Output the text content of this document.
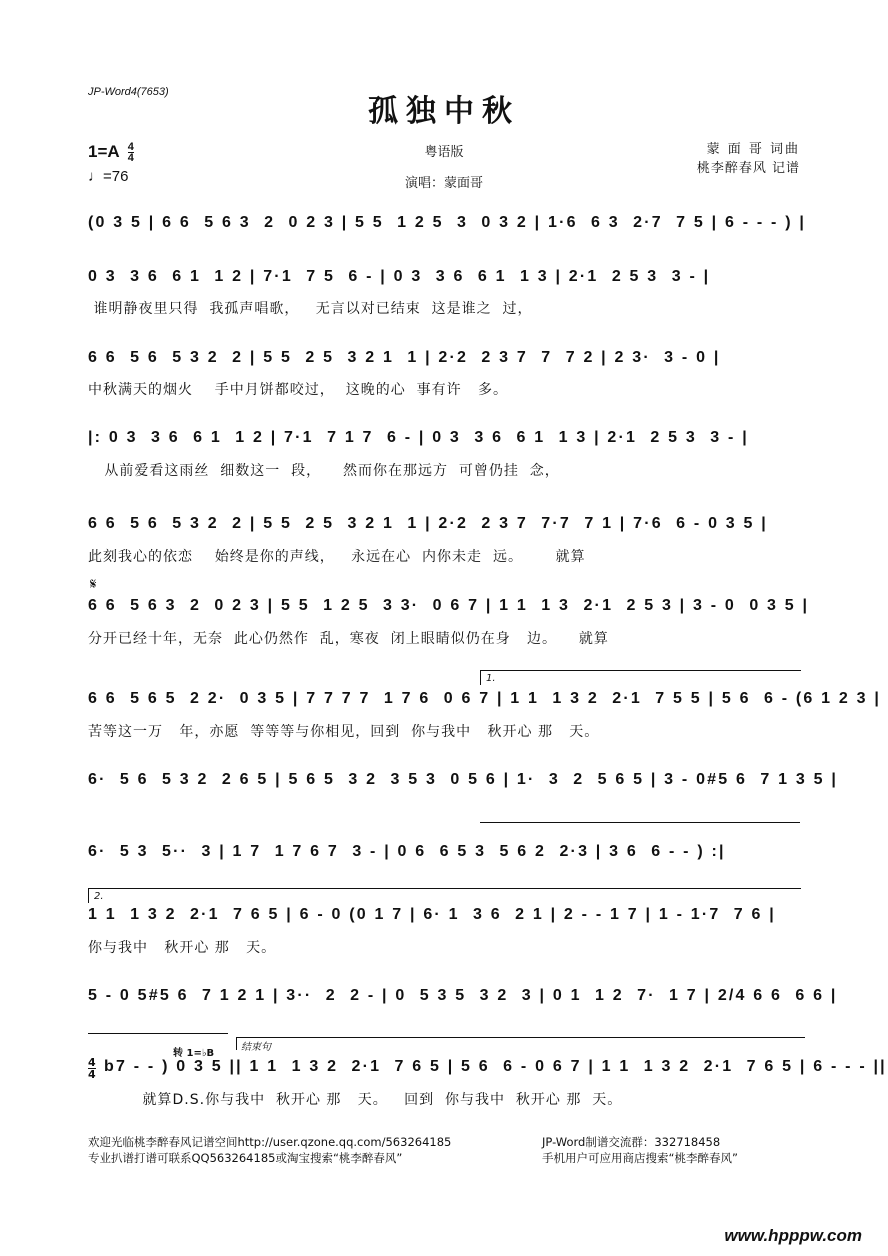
JP-Word4(7653)
孤独中秋
$1=A \frac{4}{4}$
♩=76
粤语版
演唱：蒙面哥
蒙 面 哥 词曲
桃李醉春风 记谱
(0 3 5 | 6 6  5 6 3  2  0 2 3 | 5 5  1 2 5  3  0 3 2 | 1·6  6 3  2·7  7 5 | 6 - - - ) |
0 3  3 6  6 1  1 2 | 7·1  7 5  6 - | 0 3  3 6  6 1  1 3 | 2·1  2 5 3  3 - |
谁明静夜里只得  我孤声唱歌，   无言以对已结束  这是谁之  过，
6 6  5 6  5 3 2  2 | 5 5  2 5  3 2 1  1 | 2·2  2 3 7  7  7 2 | 2 3·  3 - 0 |
中秋满天的烟火    手中月饼都咬过，  这晚的心  事有许   多。
|: 0 3  3 6  6 1  1 2 | 7·1  7 1 7  6 - | 0 3  3 6  6 1  1 3 | 2·1  2 5 3  3 - |
从前爱看这雨丝  细数这一  段，    然而你在那远方  可曾仍挂  念，
6 6  5 6  5 3 2  2 | 5 5  2 5  3 2 1  1 | 2·2  2 3 7  7·7  7 1 | 7·6  6 - 0 3 5 |
此刻我心的依恋    始终是你的声线，   永远在心  内你未走  远。      就算
𝄋
6 6  5 6 3  2  0 2 3 | 5 5  1 2 5  3 3·  0 6 7 | 1 1  1 3  2·1  2 5 3 | 3 - 0  0 3 5 |
分开已经十年，无奈  此心仍然作  乱，寒夜  闭上眼睛似仍在身   边。    就算
1.
6 6  5 6 5  2 2·  0 3 5 | 7 7 7 7  1 7 6  0 6 7 | 1 1  1 3 2  2·1  7 5 5 | 5 6  6 - (6 1 2 3 |
苦等这一万   年，亦愿  等等等与你相见，回到  你与我中   秋开心 那   天。
6·  5 6  5 3 2  2 6 5 | 5 6 5  3 2  3 5 3  0 5 6 | 1·  3  2  5 6 5 | 3 - 0#5 6  7 1 3 5 |
6·  5 3  5··  3 | 1 7  1 7 6 7  3 - | 0 6  6 5 3  5 6 2  2·3 | 3 6  6 - - ) :|
2.
1 1  1 3 2  2·1  7 6 5 | 6 - 0 (0 1 7 | 6· 1  3 6  2 1 | 2 - - 1 7 | 1 - 1·7  7 6 |
你与我中   秋开心 那   天。
5 - 0 5#5 6  7 1 2 1 | 3··  2  2 - | 0  5 3 5  3 2  3 | 0 1  1 2  7·  1 7 | 2/4 6 6  6 6 |
转 1=♭B
结束句
4
4 b7 - - ) 0 3 5 || 1 1  1 3 2  2·1  7 6 5 | 5 6  6 - 0 6 7 | 1 1  1 3 2  2·1  7 6 5 | 6 - - - ||
就算D.S.你与我中  秋开心 那   天。   回到  你与我中  秋开心 那  天。
欢迎光临桃李醉春风记谱空间http://user.qzone.qq.com/563264185	JP-Word制谱交流群：332718458
专业扒谱打谱可联系QQ563264185或淘宝搜索“桃李醉春风”	手机用户可应用商店搜索“桃李醉春风”
www.hpppw.com
